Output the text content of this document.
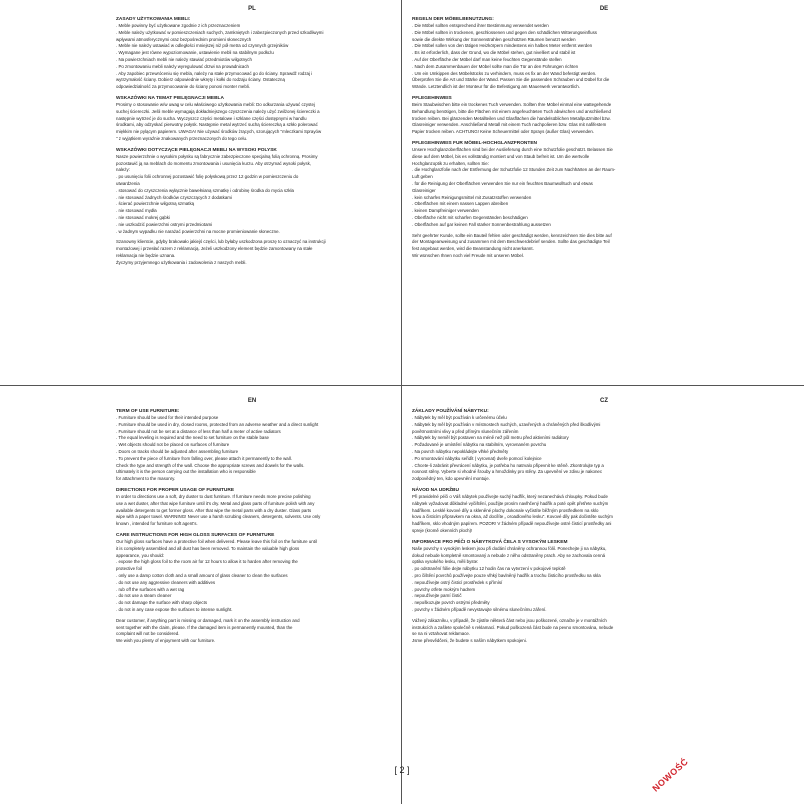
PL
ZASADY UŻYTKOWANIA MEBLI:
. Meble powinny być użytkowane zgodnie z ich przeznaczeniem
. Meble należy użytkować w pomieszczeniach suchych, zamkniętych i zabezpieczonych przed szkodliwymi
wpływami atmosferycznymi oraz bezpośrednim promieni słonecznych
. Meble nie należy ustawiać w odległości mniejszej niż pół metra od czynnych grzejników
. Wymagane jest równe wypoziomowanie, ustawienie mebli na stabilnym podłożu
. Na powierzchniach mebli nie należy stawiać przedmiotów wilgotnych
. Po zmontowaniu mebli należy wyregulować drzwi na prowadnicach
. Aby zapobiec przewróceniu się mebla, należy na stałe przymocować go do ściany. Sprawdź rodzaj i
wytrzymałość ściany. Dobierz odpowiednie wkręty i kołki do rodzaju ściany. Ostateczną
odpowiedzialność za przymocowanie do ściany ponosi monter mebli.
WSKAZÓWKI NA TEMAT PIELĘGNACJI MEBLA
Prosimy o stosowanie w/w uwag w celu właściwego użytkowania mebli: Do odkurzania używać czystej
suchej ściereczki. Jeśli meble wymagają dokładniejszego czyszczenia należy użyć zwilżonej ściereczki a
następnie wytrzeć je do sucha. Wyczyszcz części metalowe i szklane części dostępnymi w handlu
środkami, aby odzyskać pierwotny połysk. Następnie metal wytrzeć suchą ściereczką a szkło polerować
miękkim nie pylącym papierem. UWAGA! Nie używać środków żrących, szorujących "mleczkami Sprayów
" z wyjątkiem wyraźnie znakowanych przeznaczonych do tego celu.
WSKAZÓWKI DOTYCZĄCE PIELĘGNACJI MEBLI NA WYSOKI POLYSK
Nasze powierzchnie o wysokim połysku są fabrycznie zabezpieczone specjalną folią ochronną. Prosimy
pozostawić ją na meblach do momentu zmontowania i usunięcia kurzu. Aby otrzymać wysoki połysk,
należy:
. po usunięciu folii ochronnej pozostawić folię połyskową przez 12 godzin w pomieszczeniu do
utwardzenia
. stosować do czyszczenia wyłącznie bawełnianą szmatkę i odrobinę środka do mycia szkła
. nie stosować żadnych środków czyszczących z dodatkami
. ścierać powierzchnie wilgotną szmatką
. nie stosować mydła
. nie stosować mokrej gąbki
. nie uszkodzić powierzchni ostrymi przedmiotami
. w żadnym wypadku nie narażać powierzchni na mocne promieniowanie słoneczne.
Szanowny klientcie, gdyby brakowało jakiejś części, lub byłaby uszkodzona proszę to oznaczyć na instrukcji
montażowej i przesłać razem z reklamacją. Jeżeli uszkodzony element będzie zamontowany na stałe
reklamacja nie będzie uznana.
Życzymy przyjemnego użytkowania i zadowolenia z naszych mebli.
DE
REGELN DER MÖBELBENUTZUNG:
. Die Möbel sollten entsprechend ihrer Bestimmung verwendet werden
. Die Möbel sollten in trockenen, geschlossenen und gegen den schädlichen Witterungseinfluss
sowie die direkte Wirkung der Sonnenstrahlen geschützten Räumen benutzt werden
. Die Möbel sollen von den tätigen Heizkörpern mindestens ein halbes Meter entfernt werden
. Es ist erforderlich, dass der Grund, wo die Möbel stehen, gut nivelliert und stabil ist
. Auf der Oberfläche der Möbel darf man keine feuchten Gegenstände stellen
. Nach dem Zusammenbauen der Möbel sollte man die Tür an den Führungen richten
. Um ein Umkippen des Möbelstücks zu verhindern, muss es fix an der Wand befestigt werden.
Überprüfen Sie die Art und Stärke der Wand. Passen Sie die passenden Schrauben und Dübel für die
Wände. Letztendlich ist der Monteur für die Befestigung am Mauerwerk verantwortlich.
PFLEGEHINWEIS
Beim Staubwischen bitte ein trockenes Tuch verwenden. Sollten Ihre Möbel einmal eine wattegehende
Behandlung benötigen, bitte die Flächen mit einem angefeuchteten Tuch abwischen und anschließend
trocken reiben. Bei glänzenden Metallteilen und Glasflächen die handelsüblichen Metallputzmittel bzw.
Glasreiniger verwenden. Anschließend Metall mit einem Tuch nachpolieren bzw. Glas mit nafifestem
Papier trocken reiben. ACHTUNG! Keine Scheuermittel oder Sprays (außer Glas) verwenden.
PFLEGEHINWEIS FUR MÖBEL-HOCHGLANZFRONTEN
Unsere Hochglanzoberflächen sind bei der Auslieferung durch eine Schutzfolie geschützt. Belassen Sie
diese auf dem Möbel, bis es vollständig montiert und von Staub befreit ist. Um die wertvolle
Hochglanzoptik zu erhalten, sollten Sie:
. die Hochglanzfolie nach der Entfernung der Schutzfolie 12 Stunden Zeit zum Nachhärten an der Raum-
Luft geben
. für die Reinigung der Oberflächen verwenden Sie nur ein feuchtes Baumwolltuch und etwas
Glasreiniger
. kein scharfes Reinigungsmittel mit Zusatzstoffen verwenden
. Oberflächen mit einem nassen Lappen abreiben
. keinen Dampfreiniger verwenden
. Oberfläche nicht mit scharfen Gegenständen beschädigen
. Oberflächen auf gar keinen Fall starker Sonnenbestrahlung aussetzen
Sehr geehrter Kunde, sollte ein Bauteil fehlen oder geschädigt werden, kennzeichnen Sie dies bitte auf
der Montageanweisung und zusammen mit dem Beschwerdebrief senden. Sollte das geschädigte Teil
fest angebaut werden, wird die Beanstandung nicht anerkannt.
Wir wünschen Ihnen noch viel Freude mit unseren Möbel.
EN
TERM OF USE FURNITURE:
. Furniture should be used for their intended purpose
. Furniture should be used in dry, closed rooms, protected from an adverse weather and a direct sunlight
. Furniture should not be set at a distance of less than half a meter of active radiators
. The equal leveling is required and the need to set furniture on the stable base
. Wet objects should not be placed on surfaces of furniture
. Doors on tracks should be adjusted after assembling furniture
. To prevent the piece of furniture from falling over, please attach it permanently to the wall.
Check the type and strength of the wall. Choose the appropriate screws and dowels for the walls.
Ultimately it is the person carrying out the installation who is responsible
for attachment to the masonry.
DIRECTIONS FOR PROPER USAGE OF FURNITURE
In order to directions use a soft, dry duster to dust furniture. If furniture needs more precise polishing
use a wet duster, after that wipe furniture until it's dry. Metal and glass parts of furniture polish with any
available detergents to get former gloss. After that wipe the metal parts with a dry duster. Glass parts
wipe with a paper towel. WARNING! Never use a harsh scrubing cleaners, detergents, solvents. Use only
known , intended for furniture soft agent's.
CARE INSTRUCTIONS FOR HIGH GLOSS SURFACES OF FURNITURE
Our high gloss surfaces have a protective foil when delivered. Please leave this foil on the furniture until
it is completely assembled and all dust has been removed. To maintain the valuable high gloss
appearance, you should:
. expose the high gloss foil to the room air for 12 hours to allow it to harden after removing the
protective foil
. only use a damp cotton cloth and a small amount of glass cleaner to clean the surfaces
. do not use any aggressive cleaners with additives
. rub off the surfaces with a wet rag
. do not use a steam cleaner
. do not damage the surface with sharp objects
. do not in any case expose the surfaces to intense sunlight.
Dear customer, if anything part is missing or damaged, mark it on the assembly instruction and
sent together with the claim, please. If the damaged item is permanently mounted, than the
complaint will not be considered.
We wish you plenty of enjoyment with our furniture.
CZ
ZÁKLADY POUŽÍVÁNÍ NÁBYTKU:
. Nábytek by měl být používán k určenému účelu
. Nábytek by měl být používán v místnostech suchých, uzavřených a chráněných před škodlivými
povětrnostními vlivy a před přímým slunečním zářením
. Nábytek by neměl být postaven na méně než půl metru před aktivními radiátory
. Požadované je umístění nábytku na stabilním, vyrovnaném povrchu
. Na povrch nábytku nepokládejte vlhké předměty
. Po smontování nábytku seřiďit ( vyrovnat) dveře pomocí kolejnice
. Chcete-li zabránit převrácení nábytku, je potřeba ho natrvalo připevnit ke stěně. Zkontrolujte typ a
nosnost stěny. Vyberte si vhodné šrouby a hmoždinky pro stěny. Za upevnění ve zdivu je nakonec
zodpovědný ten, kdo upevnění montuje.
NÁVOD NA UDRŽBU
Při pravidelné péči o Váš nábytek používejte suchý hadřík, který nezanechává chloupky. Pokud bude
nábytek vyžadovat důkladné vyčištění, použijte prosím navlhčený hadřík a poté opět přetřete suchým
hadříkem. Lesklé kovové díly a skleněné plochy dokonale vyčistíte běžným prostředkem na sklo
kovu a čisticím přípravkem na okna, až docílíte „ oroadlového lesku". Kovové díly pak dočistěte suchým
hadříkem, sklo vhodným papírem. POZOR! V žádném případě nepoužívejte ostré čisticí prostředky ani
spreje (kromě okenních ploch)!
INFORMACE PRO PÉČI O NÁBYTKOVÁ ČELA S VYSOKÝM LESKEM
Naše povrchy s vysokým leskem jsou při dodání chráněny ochrannou fólií. Ponechejte ji na nábytku,
dokud nebude kompletně smontovaný a nebude z něho odstraněny prach. Aby se zachovala cenná
optika vysokého lesku, měli byste:
. po odstranění fólie dejte nábytku 12 hodin čas na vytvrzení v pokojové teplotě
. pro čištění povrchů používejte pouze vlhký bavlněný hadřík a trochu čisticího prostředku na skla
. nepoužívejte ostrý čisticí prostředek s přímísí
. povrchy otřete mokrým hadrem
. nepoužívejte parní čistič
. nepoškozujte povrch ostrými předměty
. povrchy v žádném případě nevystavujte silnému slunečnímu záření.
Vážený zákazníku, v případě, že zjistíte některá část nebo jsou poškozené, označte je v montážních
instrukcích a zašlete společně s reklamací. Pokud poškozená část bude na pevno smontována, nebude
se na ni vztahovat reklamace.
Jsme přesvědčeni, že budete s naším nábytkem spokojeni.
[ 2 ]	NOWOŚĆ
